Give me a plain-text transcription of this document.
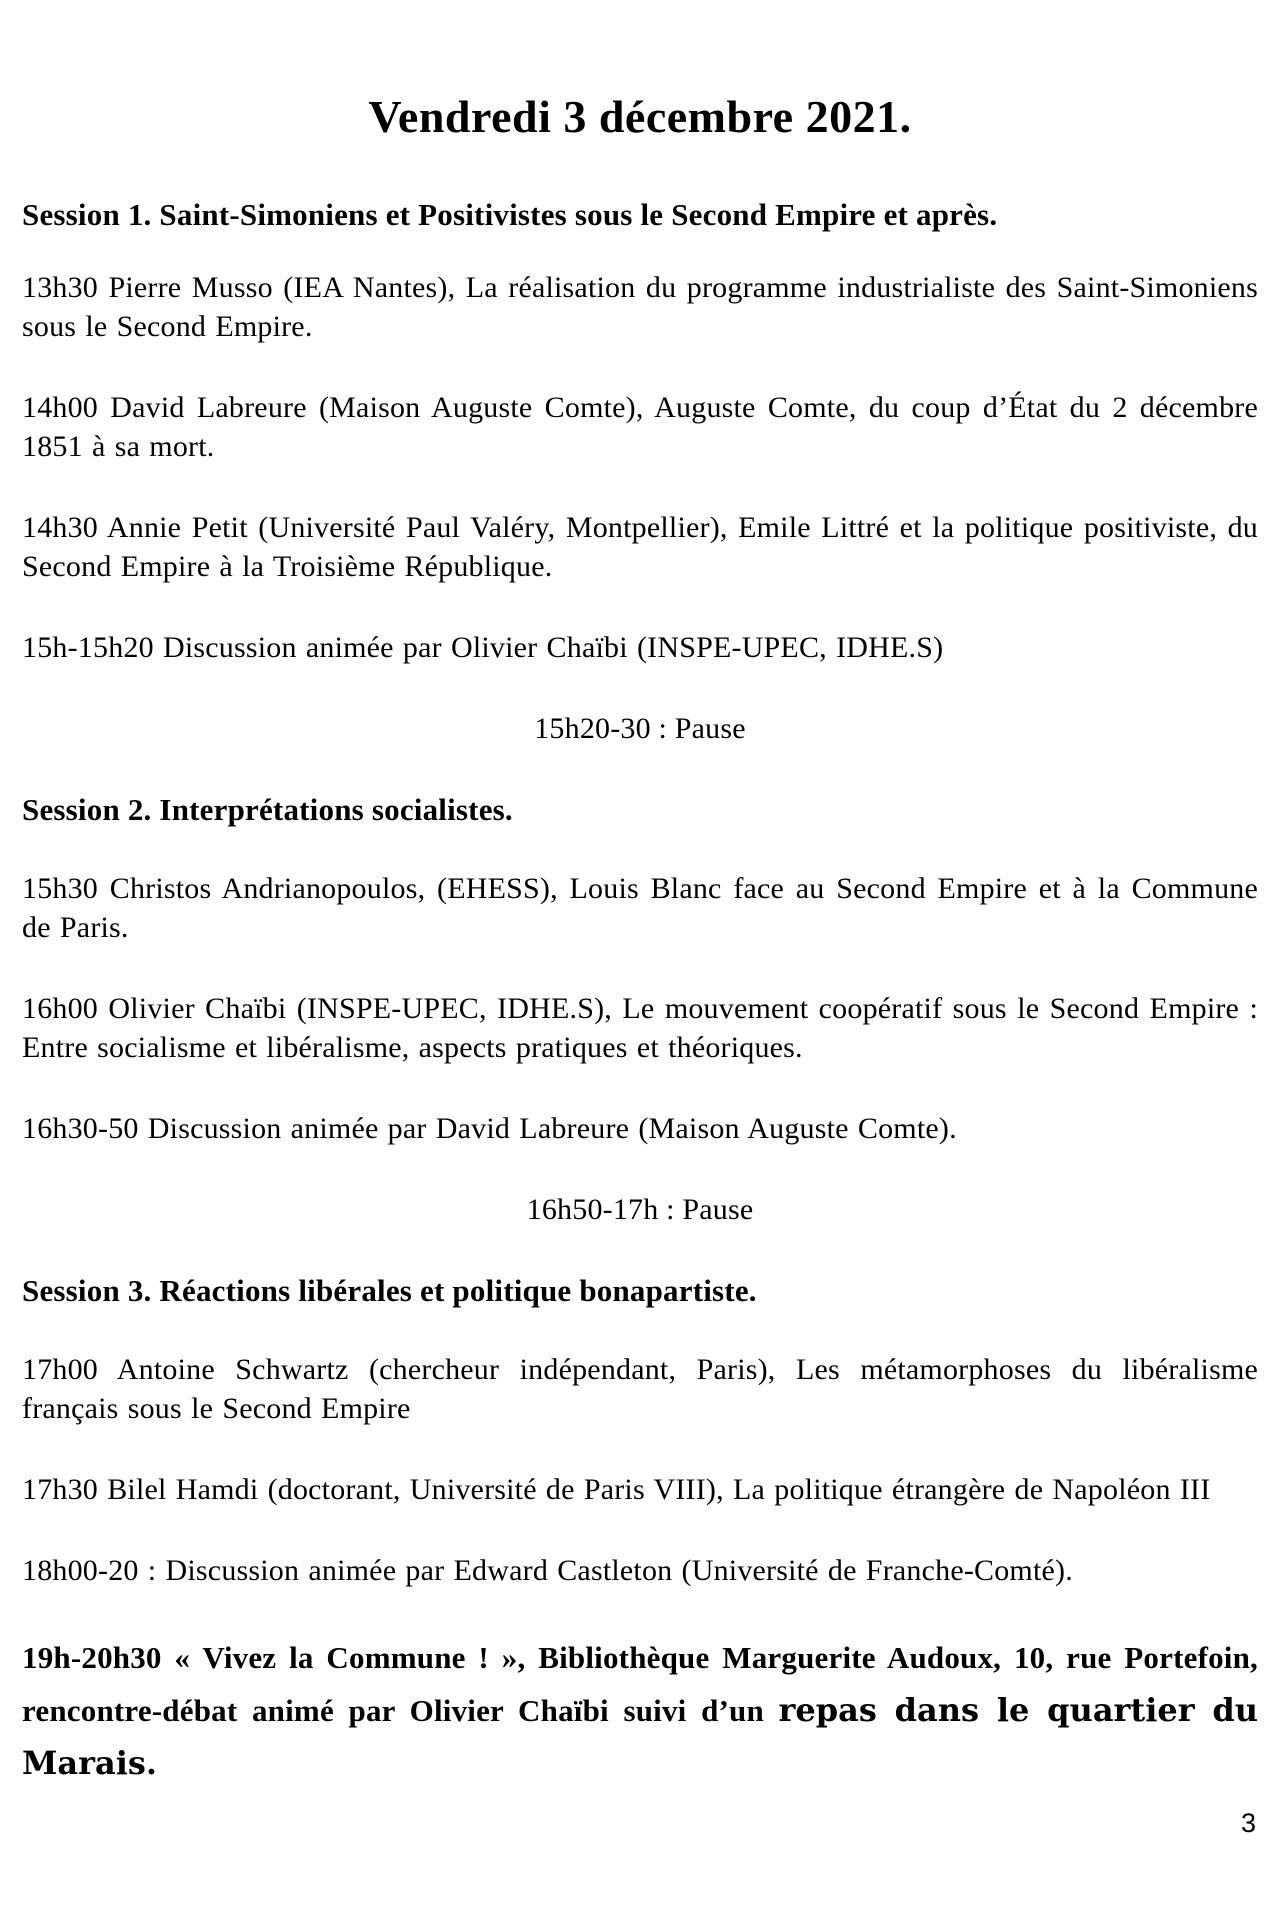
Vendredi 3 décembre 2021.
Session 1. Saint-Simoniens et Positivistes sous le Second Empire et après.

13h30 Pierre Musso (IEA Nantes), La réalisation du programme industrialiste des Saint-Simoniens sous le Second Empire.

14h00 David Labreure (Maison Auguste Comte), Auguste Comte, du coup d’État du 2 décembre 1851 à sa mort.

14h30 Annie Petit (Université Paul Valéry, Montpellier), Emile Littré et la politique positiviste, du Second Empire à la Troisième République.

15h-15h20 Discussion animée par Olivier Chaïbi (INSPE-UPEC, IDHE.S)

15h20-30 : Pause

Session 2. Interprétations socialistes.

15h30 Christos Andrianopoulos, (EHESS), Louis Blanc face au Second Empire et à la Commune de Paris.

16h00 Olivier Chaïbi (INSPE-UPEC, IDHE.S), Le mouvement coopératif sous le Second Empire : Entre socialisme et libéralisme, aspects pratiques et théoriques.

16h30-50 Discussion animée par David Labreure (Maison Auguste Comte).

16h50-17h : Pause

Session 3. Réactions libérales et politique bonapartiste.

17h00 Antoine Schwartz (chercheur indépendant, Paris), Les métamorphoses du libéralisme français sous le Second Empire

17h30 Bilel Hamdi (doctorant, Université de Paris VIII), La politique étrangère de Napoléon III

18h00-20 : Discussion animée par Edward Castleton (Université de Franche-Comté).

19h-20h30 « Vivez la Commune ! », Bibliothèque Marguerite Audoux, 10, rue Portefoin, rencontre-débat animé par Olivier Chaïbi suivi d’un repas dans le quartier du Marais.

3
